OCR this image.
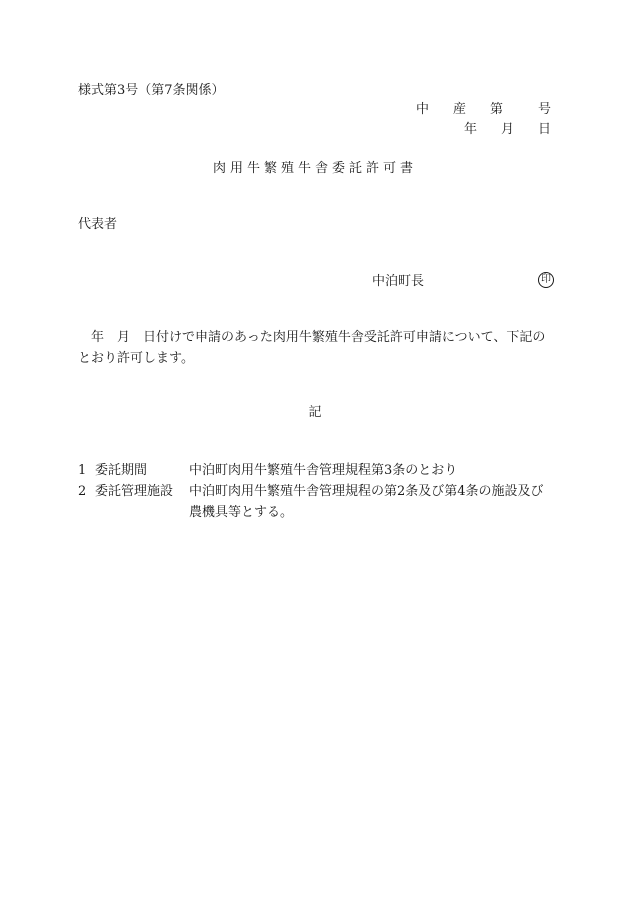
様式第3号（第7条関係）
中 産 第	号
年 月 日
肉用牛繁殖牛舎委託許可書
代表者
中泊町長	印
年　月　日付けで申請のあった肉用牛繁殖牛舎受託許可申請について、下記のとおり許可します。
記
1 委託期間	中泊町肉用牛繁殖牛舎管理規程第3条のとおり
2 委託管理施設 中泊町肉用牛繁殖牛舎管理規程の第2条及び第4条の施設及び農機具等とする。
